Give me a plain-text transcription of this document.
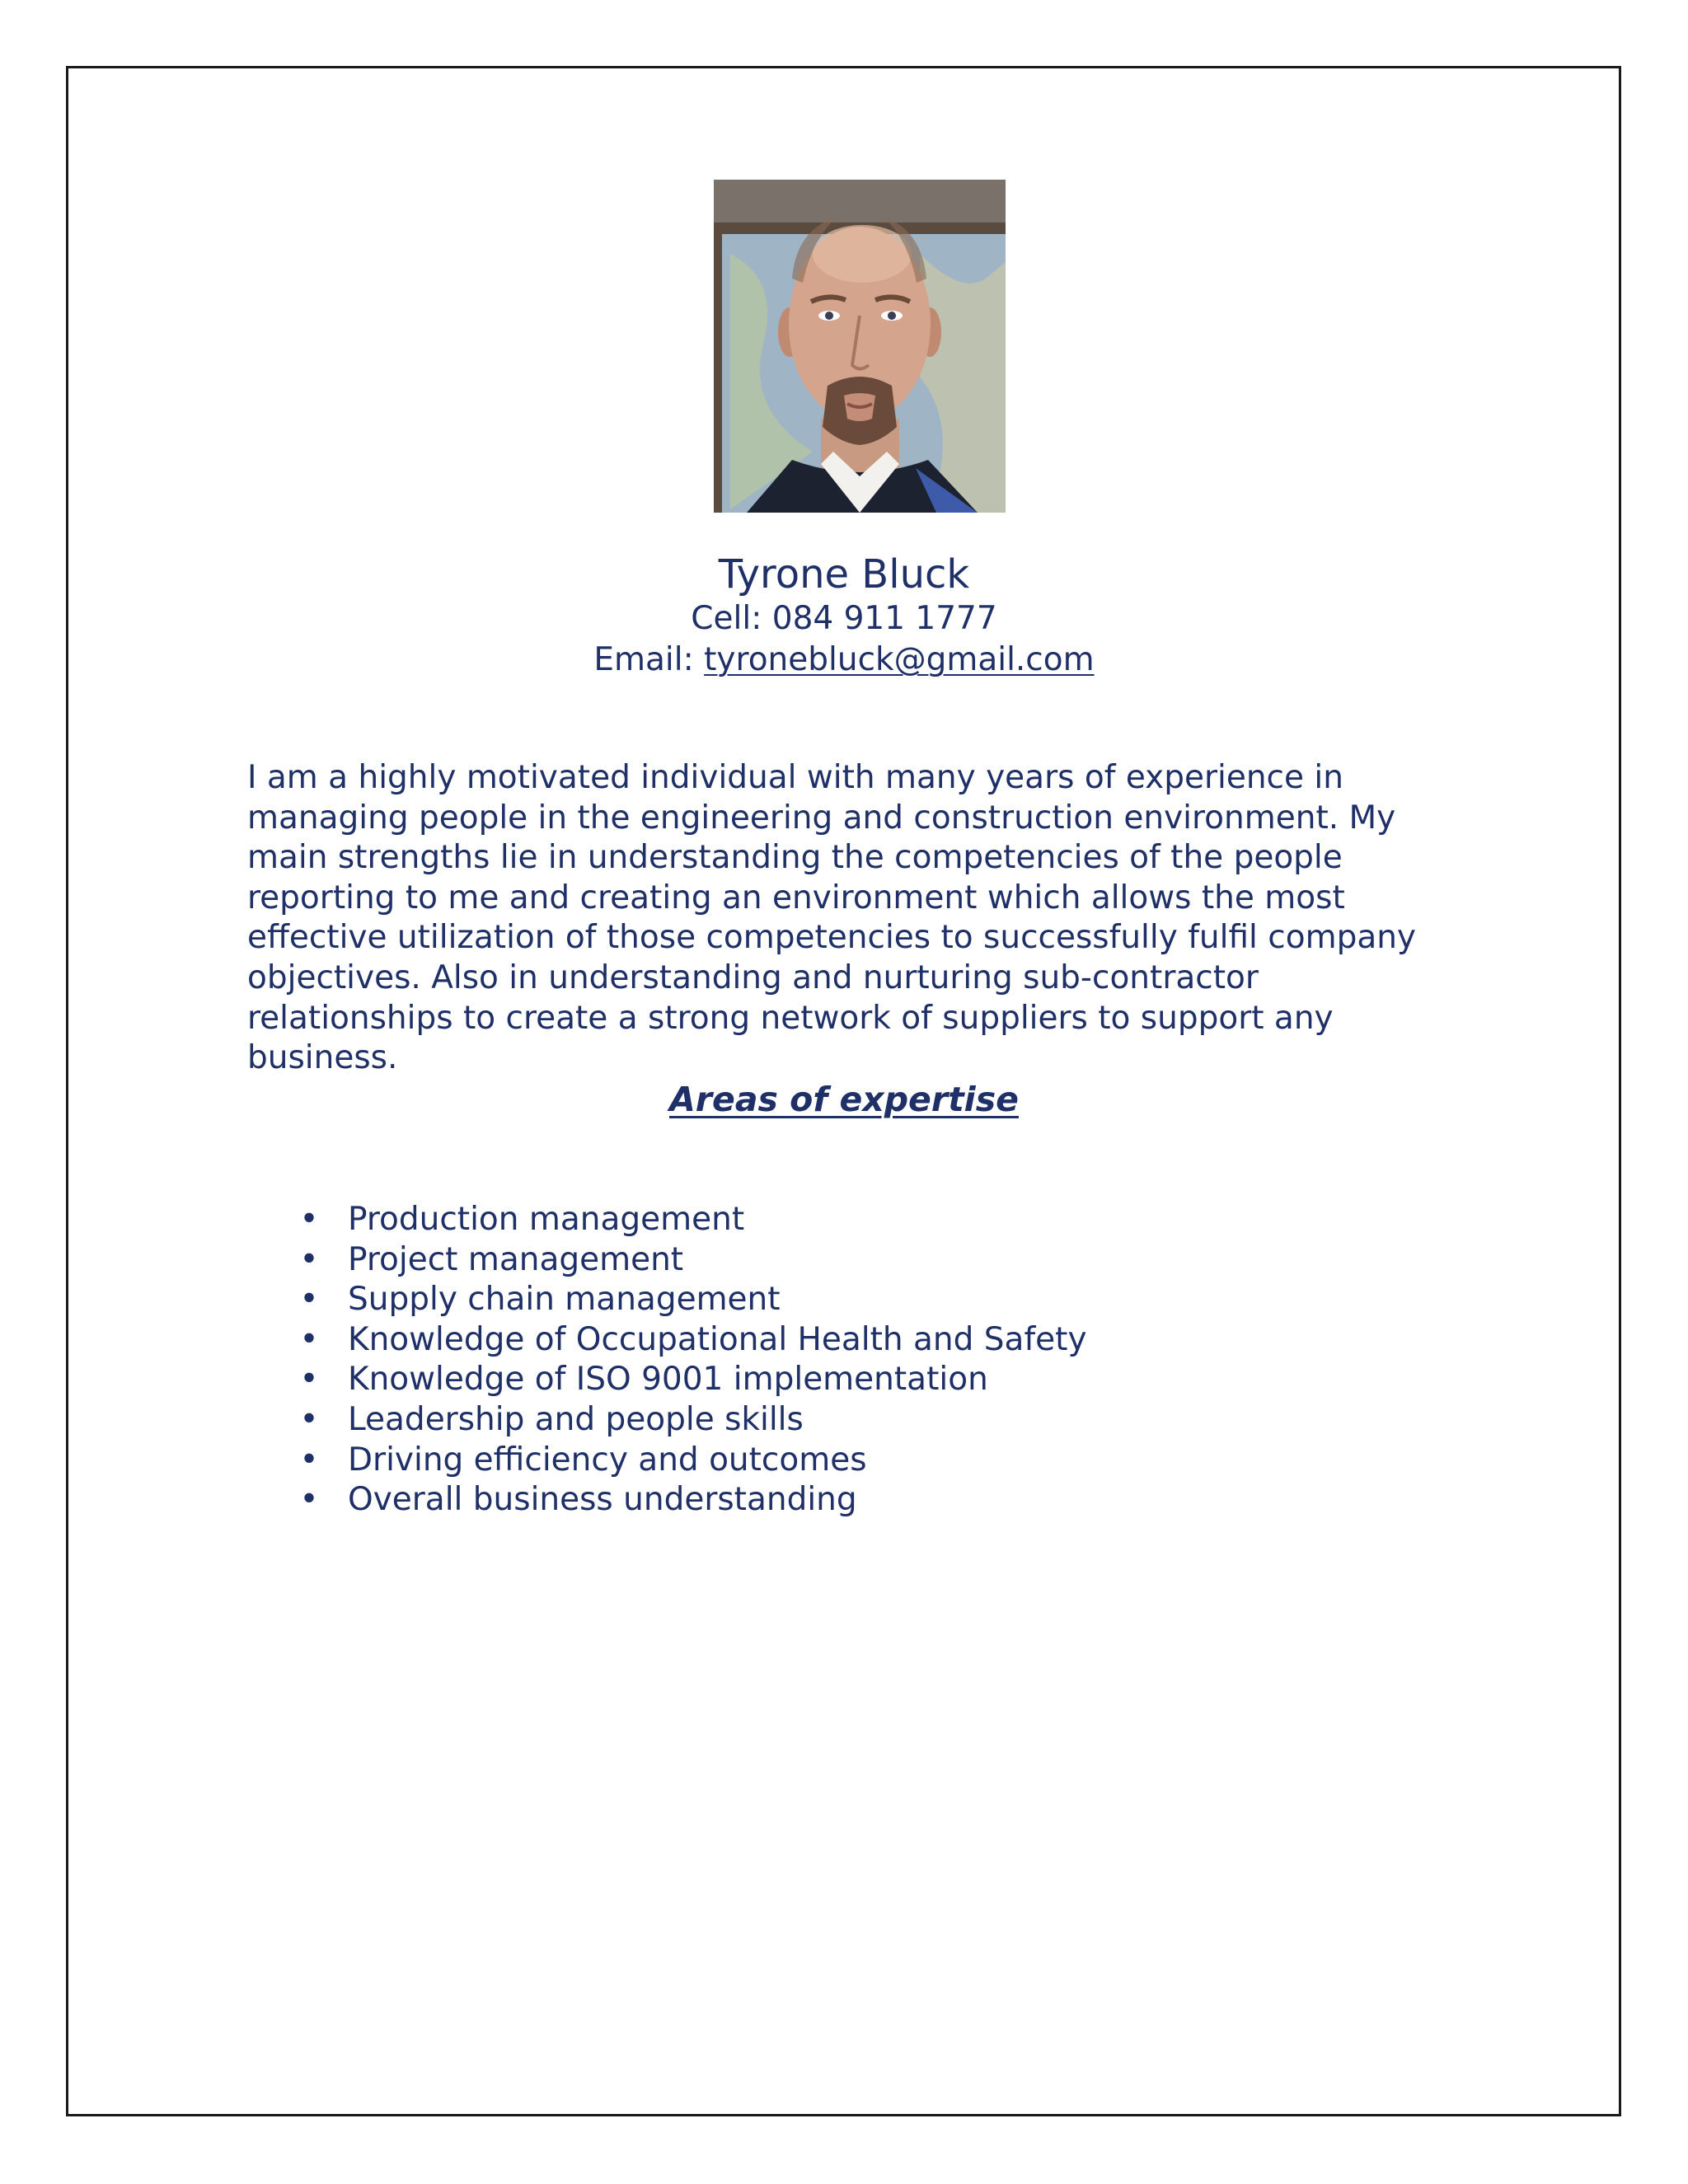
Tyrone Bluck
Cell: 084 911 1777
Email: tyronebluck@gmail.com

I am a highly motivated individual with many years of experience in managing people in the engineering and construction environment. My main strengths lie in understanding the competencies of the people reporting to me and creating an environment which allows the most effective utilization of those competencies to successfully fulfil company objectives. Also in understanding and nurturing sub-contractor relationships to create a strong network of suppliers to support any business.

Areas of expertise
• Production management
• Project management
• Supply chain management
• Knowledge of Occupational Health and Safety
• Knowledge of ISO 9001 implementation
• Leadership and people skills
• Driving efficiency and outcomes
• Overall business understanding
